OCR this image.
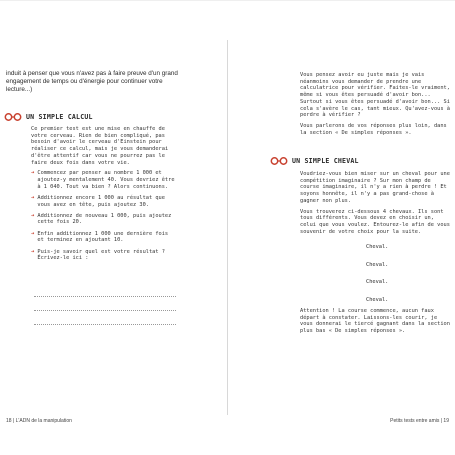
induit à penser que vous n'avez pas à faire preuve d'un grand engagement de temps ou d'énergie pour continuer votre lecture...)
UN SIMPLE CALCUL

Ce premier test est une mise en chauffe de votre cerveau. Rien de bien compliqué, pas besoin d'avoir le cerveau d'Einstein pour réaliser ce calcul, mais je vous demanderai d'être attentif car vous ne pourrez pas le faire deux fois dans votre vie.

➜ Commencez par penser au nombre 1 000 et ajoutez-y mentalement 40. Vous devriez être à 1 040. Tout va bien ? Alors continuons.
➜ Additionnez encore 1 000 au résultat que vous avez en tête, puis ajoutez 30.
➜ Additionnez de nouveau 1 000, puis ajoutez cette fois 20.
➜ Enfin additionnez 1 000 une dernière fois et terminez en ajoutant 10.
➜ Puis-je savoir quel est votre résultat ? Écrivez-le ici :
18 | L'ADN de la manipulation

Vous pensez avoir eu juste mais je vais néanmoins vous demander de prendre une calculatrice pour vérifier. Faites-le vraiment, même si vous êtes persuadé d'avoir bon... Surtout si vous êtes persuadé d'avoir bon... Si cela s'avère le cas, tant mieux. Qu'avez-vous à perdre à vérifier ?

Vous parlerons de vos réponses plus loin, dans la section « De simples réponses ».

UN SIMPLE CHEVAL

Voudriez-vous bien miser sur un cheval pour une compétition imaginaire ? Sur mon champ de course imaginaire, il n'y a rien à perdre ! Et soyons honnête, il n'y a pas grand-chose à gagner non plus.

Vous trouverez ci-dessous 4 chevaux. Ils sont tous différents. Vous devez en choisir un, celui que vous voulez. Entourez-le afin de vous souvenir de votre choix pour la suite.

Cheval.
Cheval.
Cheval.
Cheval.

Attention ! La course commence, aucun faux départ à constater. Laissons-les courir, je vous donnerai le tiercé gagnant dans la section plus bas « De simples réponses ».

Petits tests entre amis | 19
